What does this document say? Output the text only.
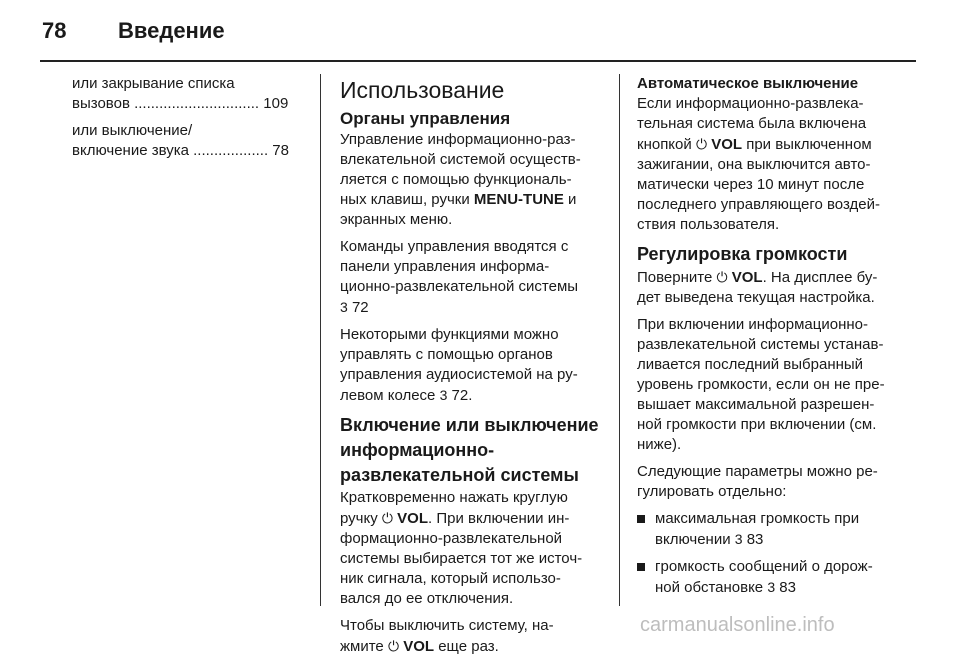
78 Введение
или закрывание списка
вызовов .............................. 109
или выключение/
включение звука .................. 78
Использование
Органы управления

Управление информационно-раз-
влекательной системой осуществ-
ляется с помощью функциональ-
ных клавиш, ручки MENU-TUNE и
экранных меню.

Команды управления вводятся с
панели управления информа-
ционно-развлекательной системы
3 72

Некоторыми функциями можно
управлять с помощью органов
управления аудиосистемой на ру-
левом колесе 3 72.

Включение или выключение
информационно-
развлекательной системы

Кратковременно нажать круглую
ручку ⏻ VOL. При включении ин-
формационно-развлекательной
системы выбирается тот же источ-
ник сигнала, который использо-
вался до ее отключения.

Чтобы выключить систему, на-
жмите ⏻ VOL еще раз.

Автоматическое выключение

Если информационно-развлека-
тельная система была включена
кнопкой ⏻ VOL при выключенном
зажигании, она выключится авто-
матически через 10 минут после
последнего управляющего воздей-
ствия пользователя.

Регулировка громкости

Поверните ⏻ VOL. На дисплее бу-
дет выведена текущая настройка.

При включении информационно-
развлекательной системы устанав-
ливается последний выбранный
уровень громкости, если он не пре-
вышает максимальной разрешен-
ной громкости при включении (см.
ниже).

Следующие параметры можно ре-
гулировать отдельно:

максимальная громкость при
включении 3 83
громкость сообщений о дорож-
ной обстановке 3 83
carmanualsonline.info
